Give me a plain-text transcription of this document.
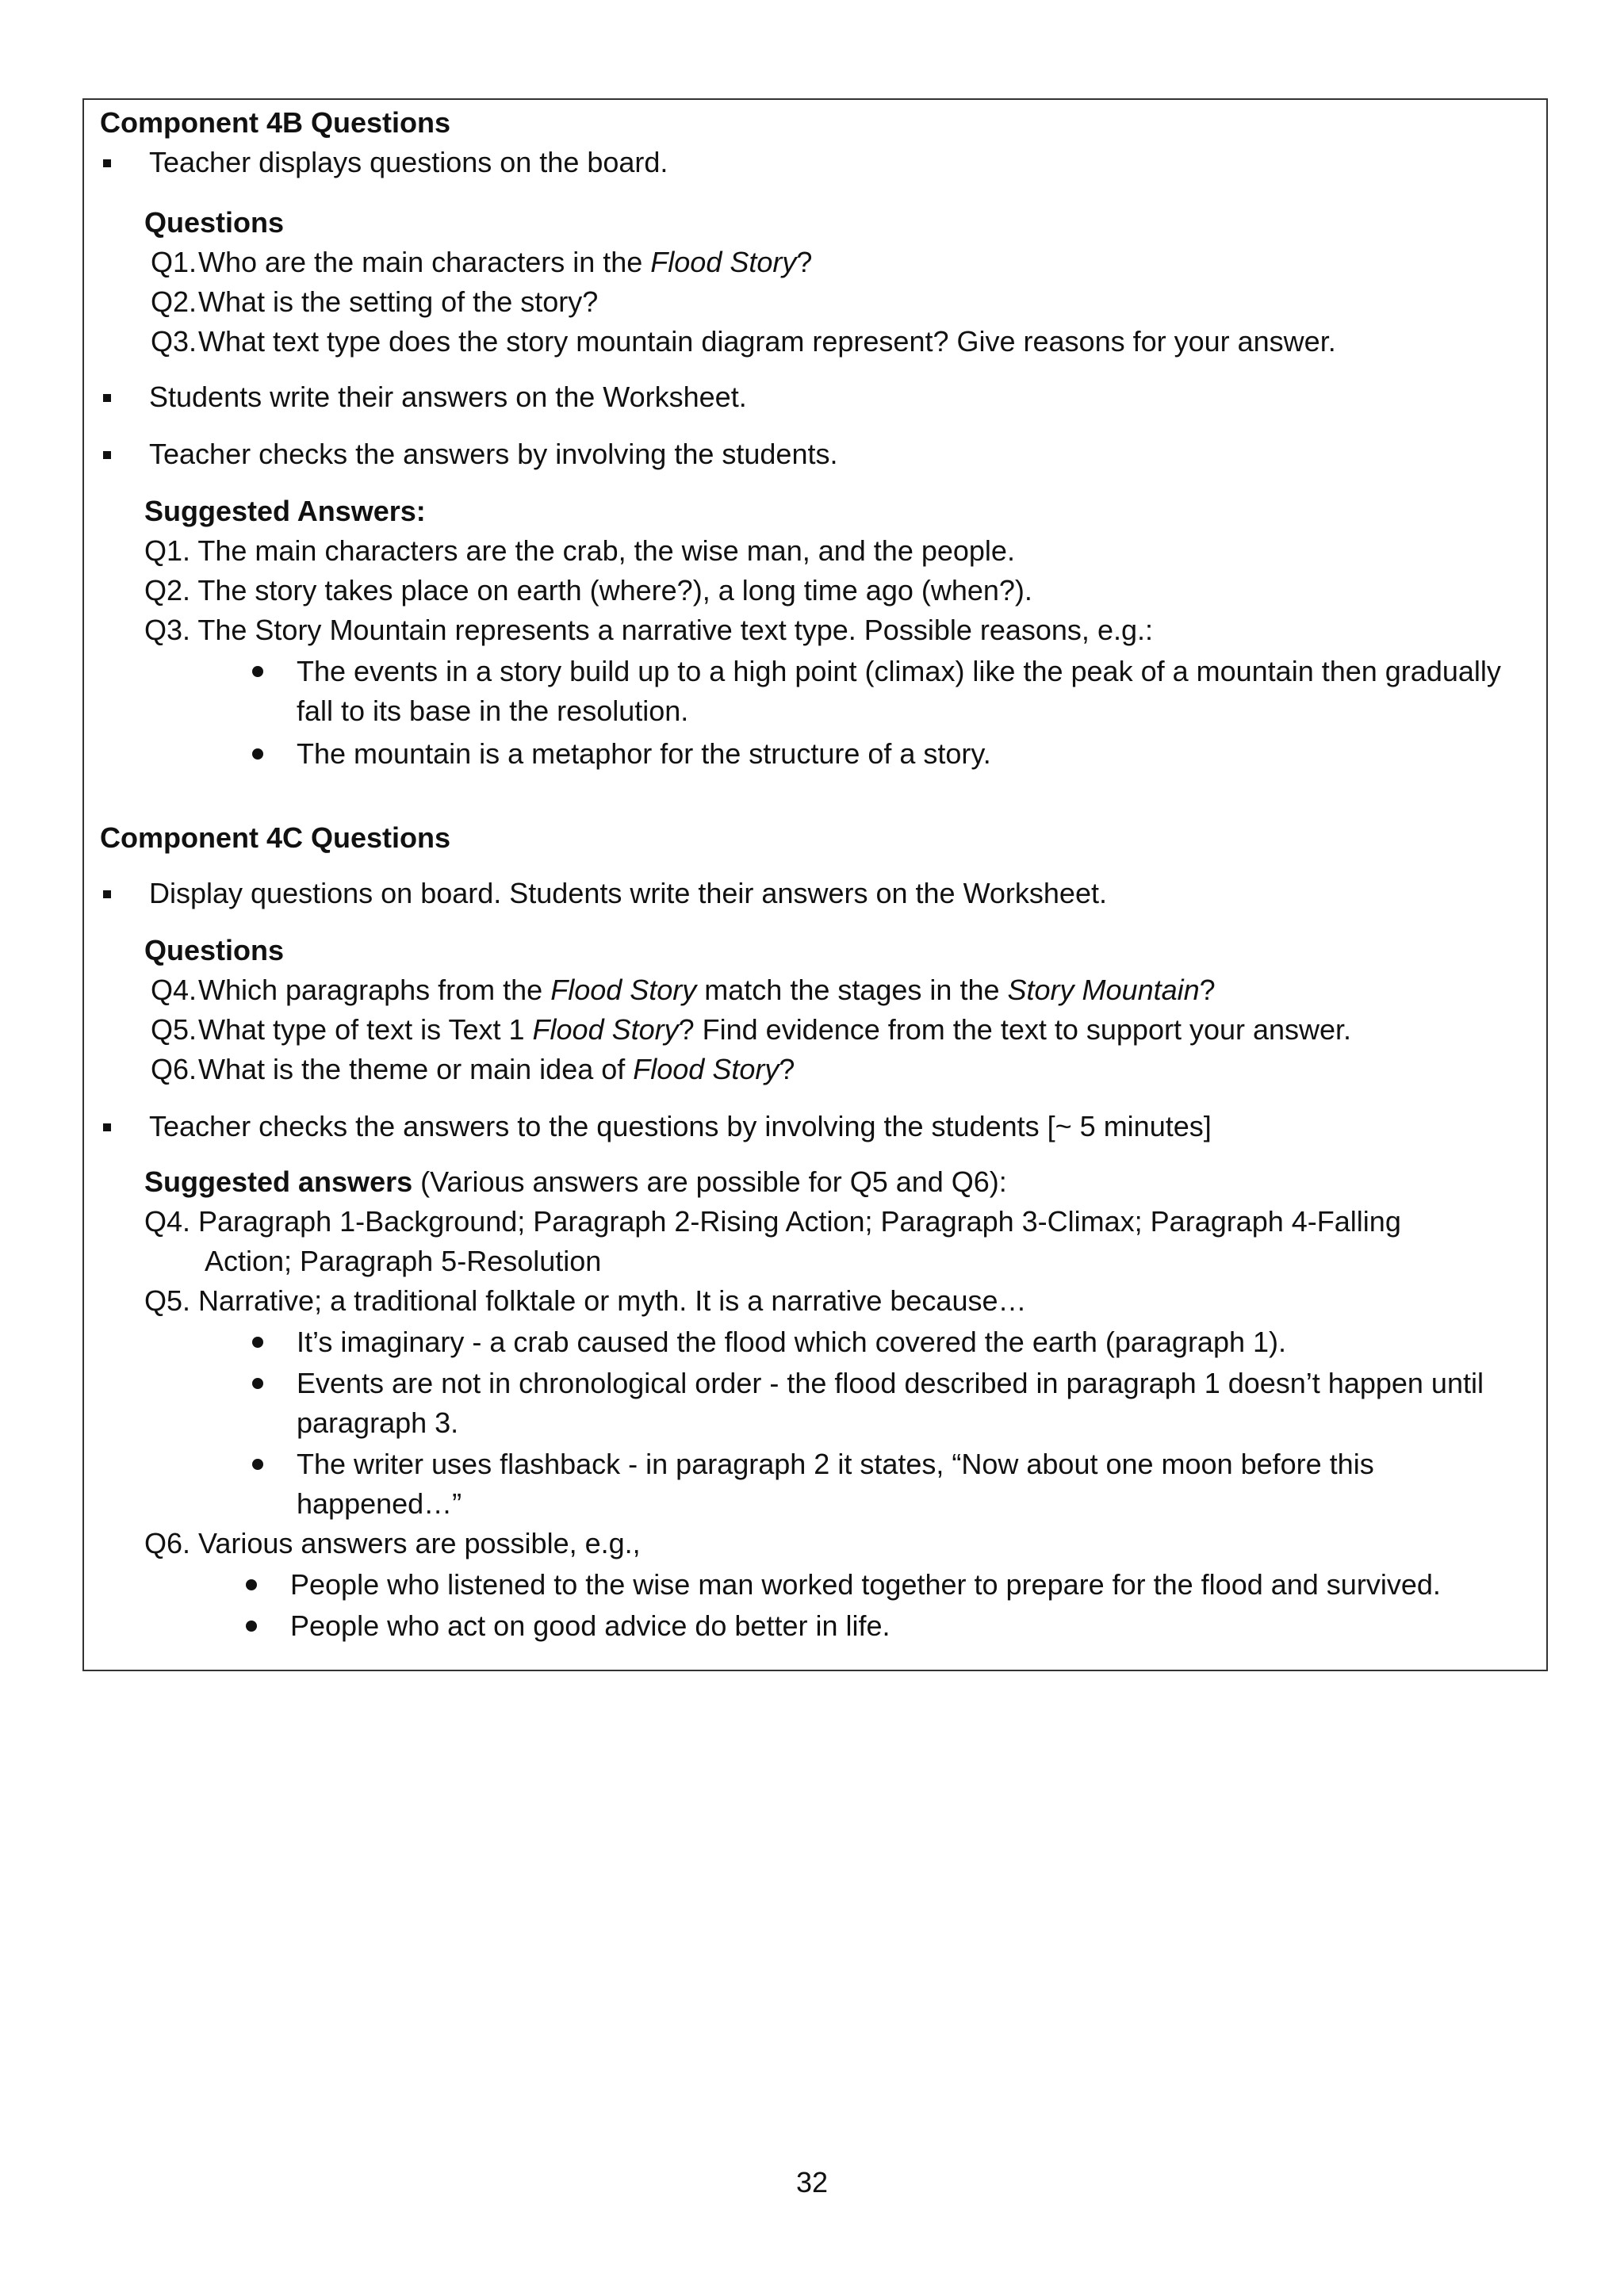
Component 4B Questions
Teacher displays questions on the board.
Questions
Q1.Who are the main characters in the Flood Story?
Q2.What is the setting of the story?
Q3.What text type does the story mountain diagram represent? Give reasons for your answer.
Students write their answers on the Worksheet.
Teacher checks the answers by involving the students.
Suggested Answers:
Q1. The main characters are the crab, the wise man, and the people.
Q2. The story takes place on earth (where?), a long time ago (when?).
Q3. The Story Mountain represents a narrative text type. Possible reasons, e.g.:
The events in a story build up to a high point (climax) like the peak of a mountain then gradually
fall to its base in the resolution.
The mountain is a metaphor for the structure of a story.
Component 4C Questions
Display questions on board. Students write their answers on the Worksheet.
Questions
Q4.Which paragraphs from the Flood Story match the stages in the Story Mountain?
Q5.What type of text is Text 1 Flood Story? Find evidence from the text to support your answer.
Q6.What is the theme or main idea of Flood Story?
Teacher checks the answers to the questions by involving the students [~ 5 minutes]
Suggested answers (Various answers are possible for Q5 and Q6):
Q4. Paragraph 1-Background; Paragraph 2-Rising Action; Paragraph 3-Climax; Paragraph 4-Falling
Action; Paragraph 5-Resolution
Q5. Narrative; a traditional folktale or myth. It is a narrative because…
It’s imaginary - a crab caused the flood which covered the earth (paragraph 1).
Events are not in chronological order - the flood described in paragraph 1 doesn’t happen until
paragraph 3.
The writer uses flashback - in paragraph 2 it states, “Now about one moon before this
happened…”
Q6. Various answers are possible, e.g.,
People who listened to the wise man worked together to prepare for the flood and survived.
People who act on good advice do better in life.
32
